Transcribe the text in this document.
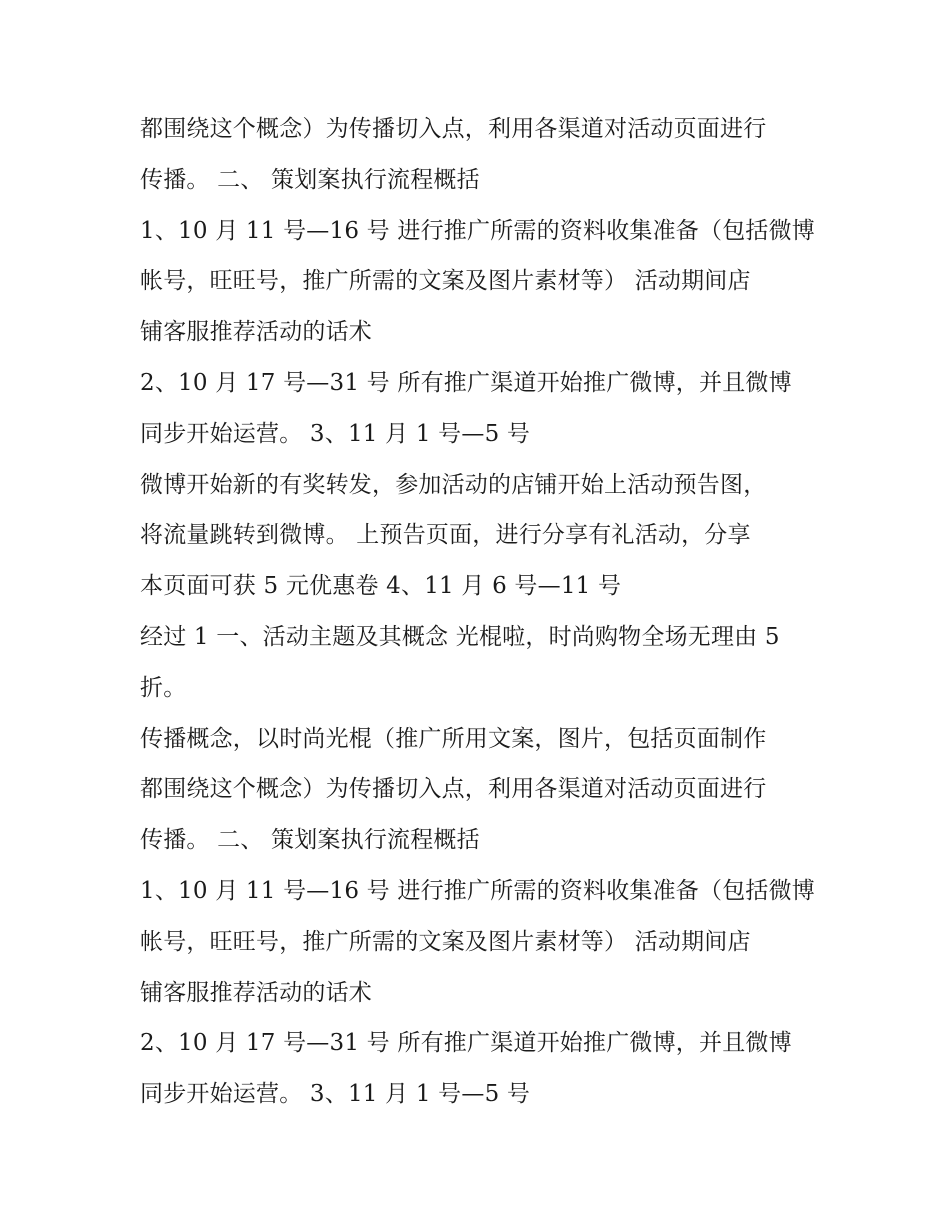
都围绕这个概念）为传播切入点，利用各渠道对活动页面进行
传播。 二、 策划案执行流程概括
1、10 月 11 号—16 号 进行推广所需的资料收集准备（包括微博
帐号，旺旺号，推广所需的文案及图片素材等） 活动期间店
铺客服推荐活动的话术
2、10 月 17 号—31 号 所有推广渠道开始推广微博，并且微博
同步开始运营。 3、11 月 1 号—5 号
微博开始新的有奖转发，参加活动的店铺开始上活动预告图，
将流量跳转到微博。 上预告页面，进行分享有礼活动，分享
本页面可获 5 元优惠卷 4、11 月 6 号—11 号
经过 1 一、活动主题及其概念 光棍啦，时尚购物全场无理由 5
折。
传播概念，以时尚光棍（推广所用文案，图片，包括页面制作
都围绕这个概念）为传播切入点，利用各渠道对活动页面进行
传播。 二、 策划案执行流程概括
1、10 月 11 号—16 号 进行推广所需的资料收集准备（包括微博
帐号，旺旺号，推广所需的文案及图片素材等） 活动期间店
铺客服推荐活动的话术
2、10 月 17 号—31 号 所有推广渠道开始推广微博，并且微博
同步开始运营。 3、11 月 1 号—5 号
